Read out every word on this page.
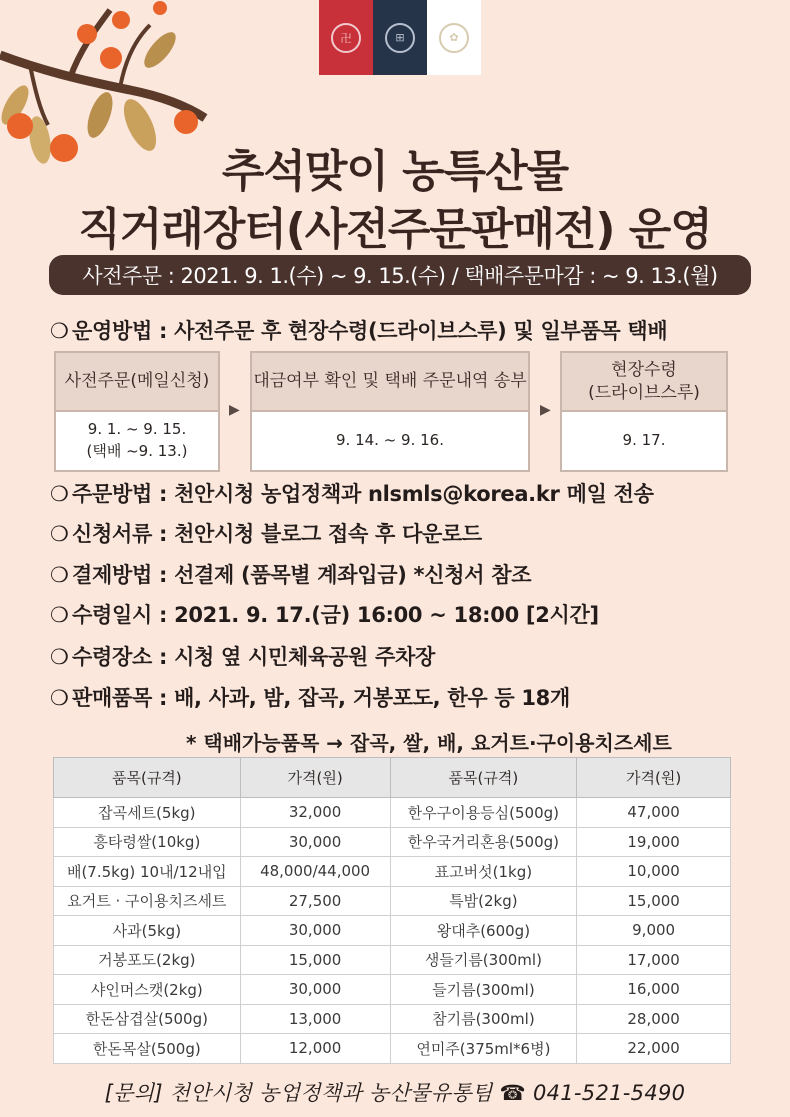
卍	⊞	✿
추석맞이 농특산물
직거래장터(사전주문판매전) 운영
사전주문 : 2021. 9. 1.(수) ~ 9. 15.(수) / 택배주문마감 : ~ 9. 13.(월)
❍ 운영방법 : 사전주문 후 현장수령(드라이브스루) 및 일부품목 택배
사전주문(메일신청)
9. 1. ~ 9. 15.
(택배 ~9. 13.)
▶
대금여부 확인 및 택배 주문내역 송부
9. 14. ~ 9. 16.
▶
현장수령
(드라이브스루)
9. 17.
❍ 주문방법 : 천안시청 농업정책과 nlsmls@korea.kr 메일 전송
❍ 신청서류 : 천안시청 블로그 접속 후 다운로드
❍ 결제방법 : 선결제 (품목별 계좌입금) *신청서 참조
❍ 수령일시 : 2021. 9. 17.(금) 16:00 ~ 18:00 [2시간]
❍ 수령장소 : 시청 옆 시민체육공원 주차장
❍ 판매품목 : 배, 사과, 밤, 잡곡, 거봉포도, 한우 등 18개
* 택배가능품목 → 잡곡, 쌀, 배, 요거트·구이용치즈세트
품목(규격)	가격(원)	품목(규격)	가격(원)
잡곡세트(5kg)	32,000	한우구이용등심(500g)	47,000
흥타령쌀(10kg)	30,000	한우국거리혼용(500g)	19,000
배(7.5kg) 10내/12내입	48,000/44,000	표고버섯(1kg)	10,000
요거트 · 구이용치즈세트	27,500	특밤(2kg)	15,000
사과(5kg)	30,000	왕대추(600g)	9,000
거봉포도(2kg)	15,000	생들기름(300ml)	17,000
샤인머스캣(2kg)	30,000	들기름(300ml)	16,000
한돈삼겹살(500g)	13,000	참기름(300ml)	28,000
한돈목살(500g)	12,000	연미주(375ml*6병)	22,000
[문의] 천안시청 농업정책과 농산물유통팀 ☎ 041-521-5490
